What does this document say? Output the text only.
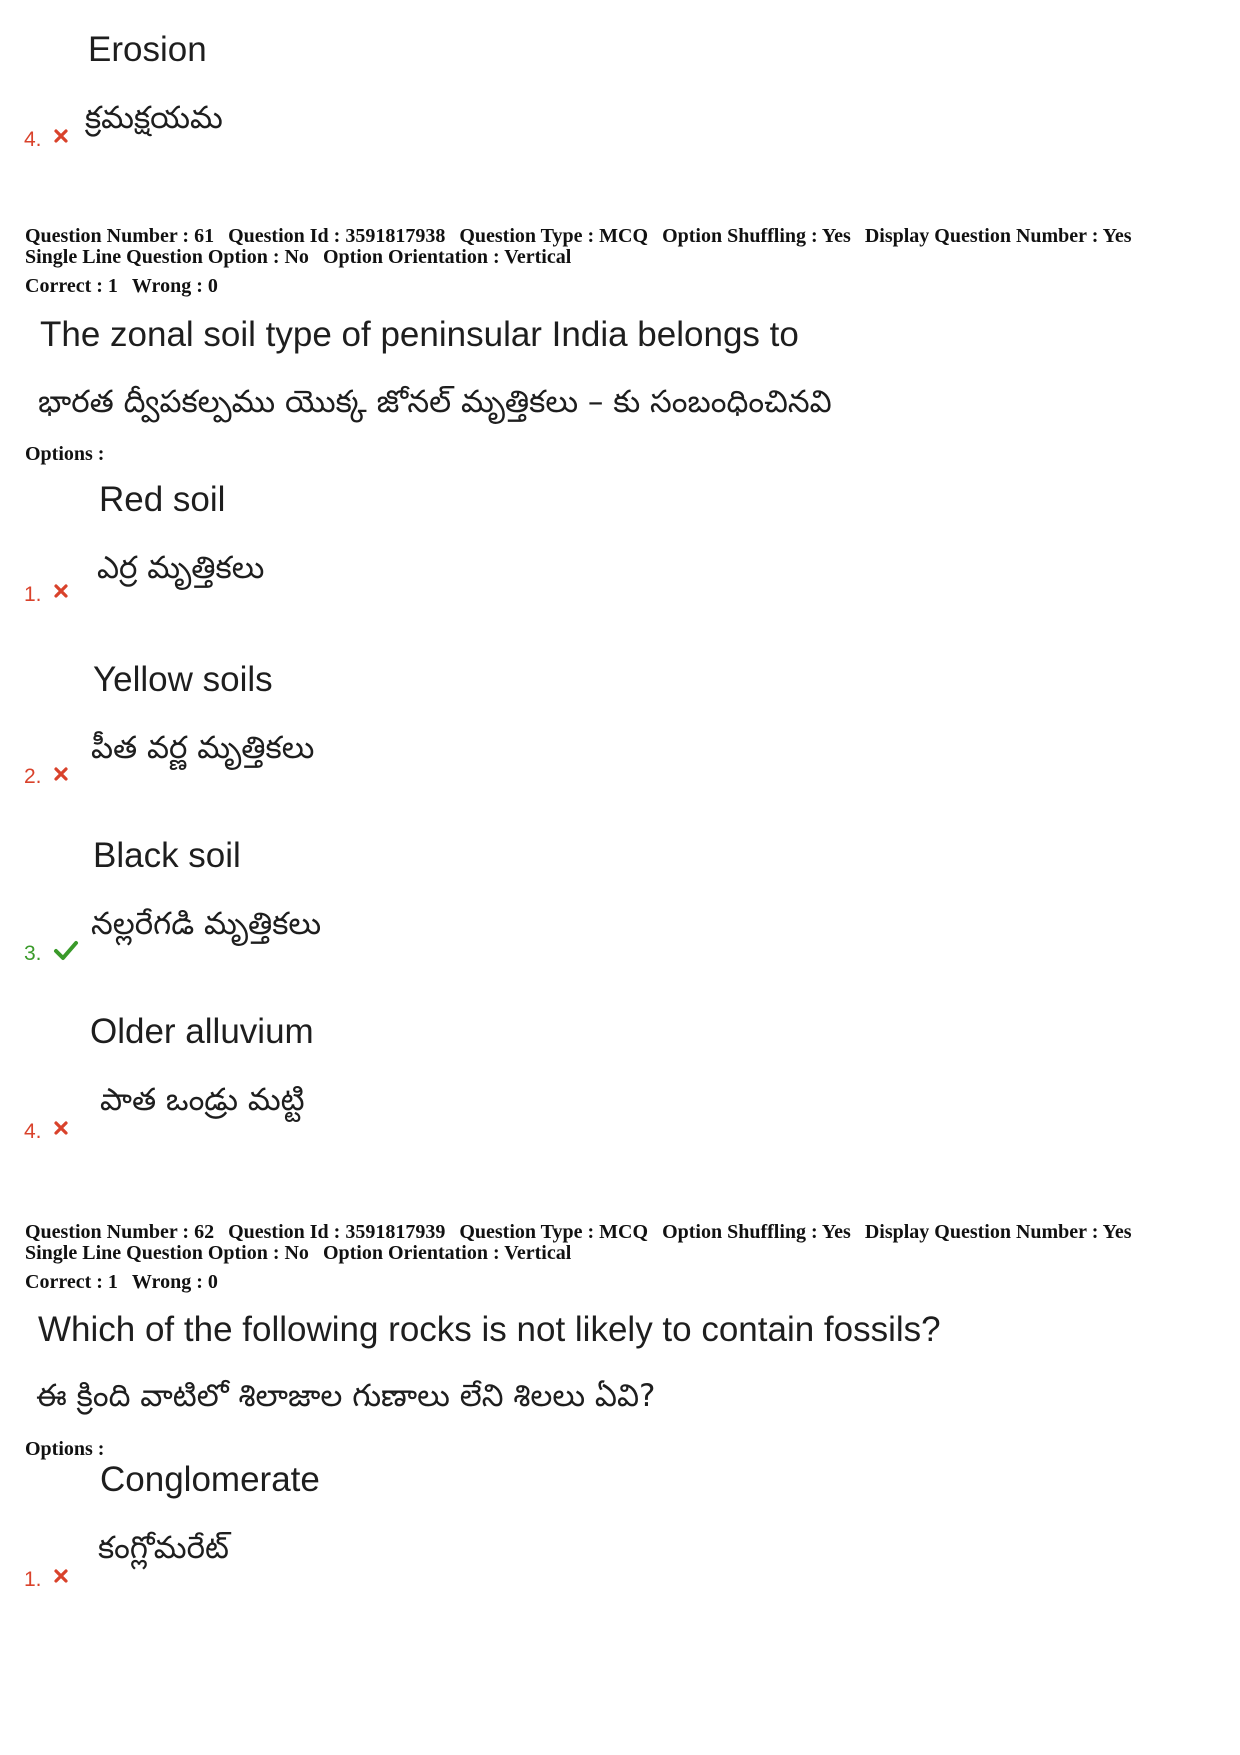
Erosion
క్రమక్షయమ
4.
Question Number : 61 Question Id : 3591817938 Question Type : MCQ Option Shuffling : Yes Display Question Number : Yes
Single Line Question Option : No Option Orientation : Vertical
Correct : 1 Wrong : 0
The zonal soil type of peninsular India belongs to
భారత ద్వీపకల్పము యొక్క జోనల్ మృత్తికలు – కు సంబంధించినవి
Options :
Red soil
ఎర్ర మృత్తికలు
1.
Yellow soils
పీత వర్ణ మృత్తికలు
2.
Black soil
నల్లరేగడి మృత్తికలు
3.
Older alluvium
పాత ఒండ్రు మట్టి
4.
Question Number : 62 Question Id : 3591817939 Question Type : MCQ Option Shuffling : Yes Display Question Number : Yes
Single Line Question Option : No Option Orientation : Vertical
Correct : 1 Wrong : 0
Which of the following rocks is not likely to contain fossils?
ఈ క్రింది వాటిలో శిలాజాల గుణాలు లేని శిలలు ఏవి?
Options :
Conglomerate
కంగ్లోమరేట్
1.
